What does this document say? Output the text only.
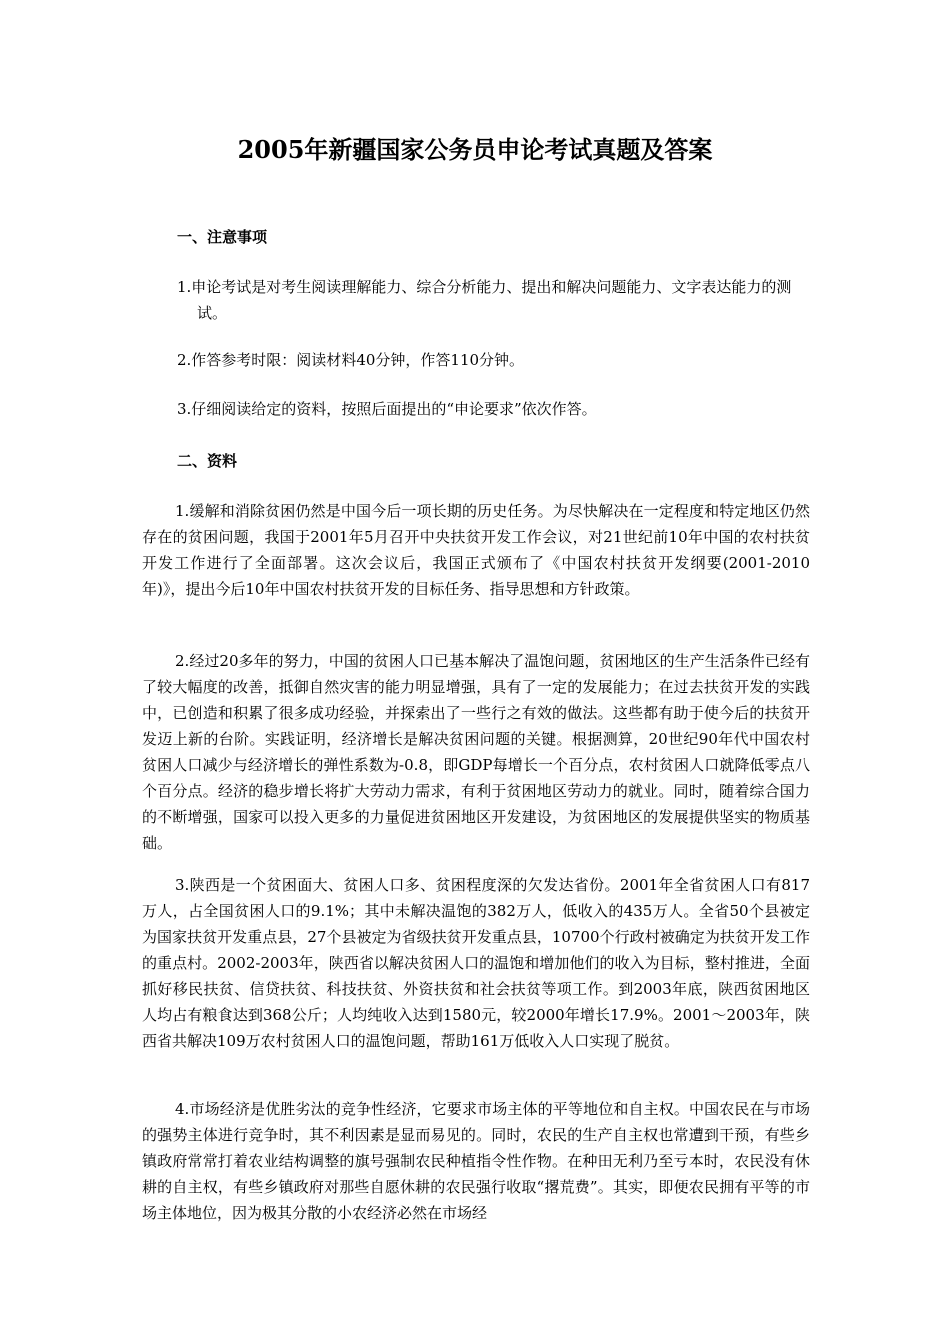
2005年新疆国家公务员申论考试真题及答案
一、注意事项

1.申论考试是对考生阅读理解能力、综合分析能力、提出和解决问题能力、文字表达能力的测试。

2.作答参考时限：阅读材料40分钟，作答110分钟。

3.仔细阅读给定的资料，按照后面提出的“申论要求”依次作答。

二、资料

1.缓解和消除贫困仍然是中国今后一项长期的历史任务。为尽快解决在一定程度和特定地区仍然存在的贫困问题，我国于2001年5月召开中央扶贫开发工作会议，对21世纪前10年中国的农村扶贫开发工作进行了全面部署。这次会议后，我国正式颁布了《中国农村扶贫开发纲要(2001-2010年)》，提出今后10年中国农村扶贫开发的目标任务、指导思想和方针政策。

2.经过20多年的努力，中国的贫困人口已基本解决了温饱问题，贫困地区的生产生活条件已经有了较大幅度的改善，抵御自然灾害的能力明显增强，具有了一定的发展能力；在过去扶贫开发的实践中，已创造和积累了很多成功经验，并探索出了一些行之有效的做法。这些都有助于使今后的扶贫开发迈上新的台阶。实践证明，经济增长是解决贫困问题的关键。根据测算，20世纪90年代中国农村贫困人口减少与经济增长的弹性系数为-0.8，即GDP每增长一个百分点，农村贫困人口就降低零点八个百分点。经济的稳步增长将扩大劳动力需求，有利于贫困地区劳动力的就业。同时，随着综合国力的不断增强，国家可以投入更多的力量促进贫困地区开发建设，为贫困地区的发展提供坚实的物质基础。

3.陕西是一个贫困面大、贫困人口多、贫困程度深的欠发达省份。2001年全省贫困人口有817万人，占全国贫困人口的9.1%；其中未解决温饱的382万人，低收入的435万人。全省50个县被定为国家扶贫开发重点县，27个县被定为省级扶贫开发重点县，10700个行政村被确定为扶贫开发工作的重点村。2002-2003年，陕西省以解决贫困人口的温饱和增加他们的收入为目标，整村推进，全面抓好移民扶贫、信贷扶贫、科技扶贫、外资扶贫和社会扶贫等项工作。到2003年底，陕西贫困地区人均占有粮食达到368公斤；人均纯收入达到1580元，较2000年增长17.9%。2001～2003年，陕西省共解决109万农村贫困人口的温饱问题，帮助161万低收入人口实现了脱贫。

4.市场经济是优胜劣汰的竞争性经济，它要求市场主体的平等地位和自主权。中国农民在与市场的强势主体进行竞争时，其不利因素是显而易见的。同时，农民的生产自主权也常遭到干预，有些乡镇政府常常打着农业结构调整的旗号强制农民种植指令性作物。在种田无利乃至亏本时，农民没有休耕的自主权，有些乡镇政府对那些自愿休耕的农民强行收取“撂荒费”。其实，即便农民拥有平等的市场主体地位，因为极其分散的小农经济必然在市场经
